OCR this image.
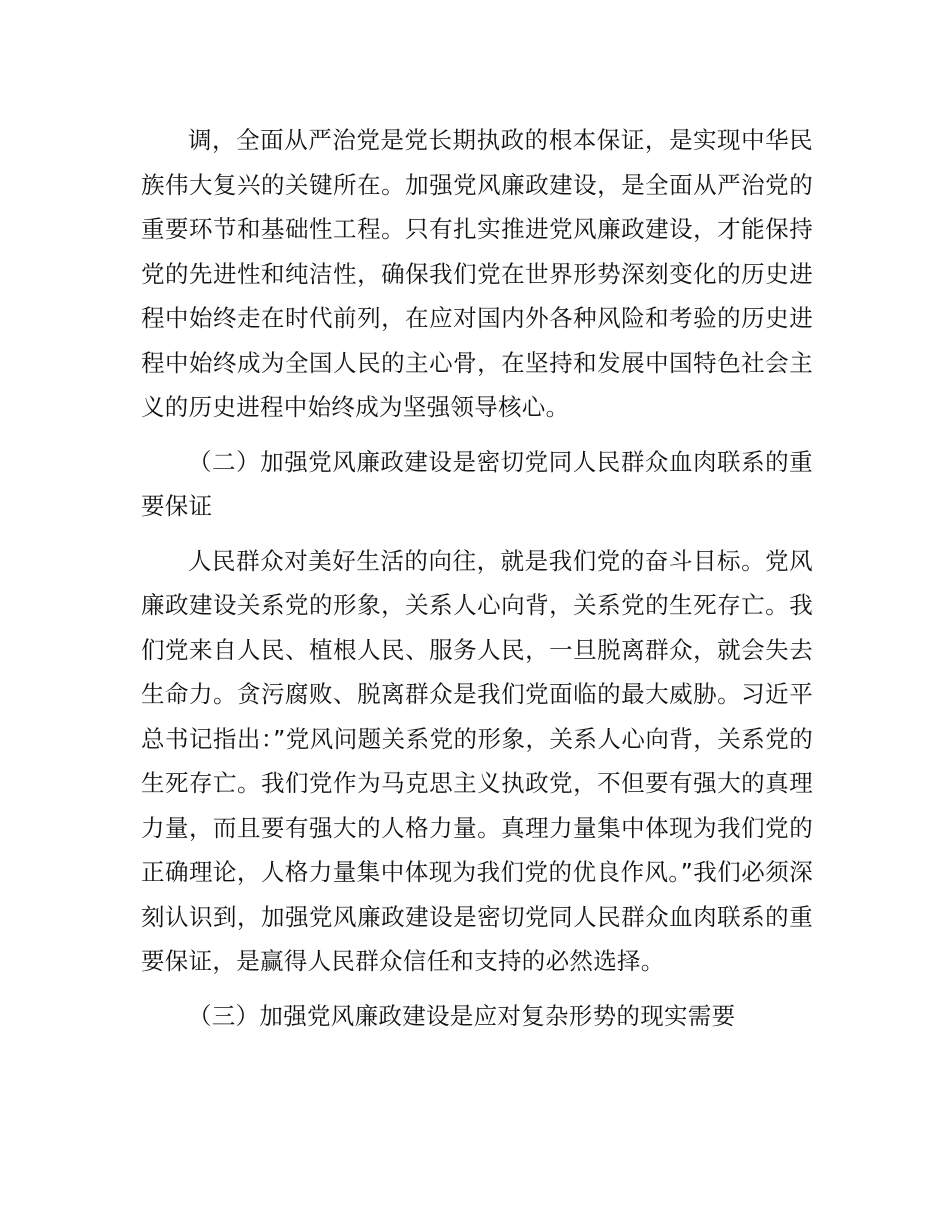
调，全面从严治党是党长期执政的根本保证，是实现中华民族伟大复兴的关键所在。加强党风廉政建设，是全面从严治党的重要环节和基础性工程。只有扎实推进党风廉政建设，才能保持党的先进性和纯洁性，确保我们党在世界形势深刻变化的历史进程中始终走在时代前列，在应对国内外各种风险和考验的历史进程中始终成为全国人民的主心骨，在坚持和发展中国特色社会主义的历史进程中始终成为坚强领导核心。

（二）加强党风廉政建设是密切党同人民群众血肉联系的重要保证

人民群众对美好生活的向往，就是我们党的奋斗目标。党风廉政建设关系党的形象，关系人心向背，关系党的生死存亡。我们党来自人民、植根人民、服务人民，一旦脱离群众，就会失去生命力。贪污腐败、脱离群众是我们党面临的最大威胁。习近平总书记指出：”党风问题关系党的形象，关系人心向背，关系党的生死存亡。我们党作为马克思主义执政党，不但要有强大的真理力量，而且要有强大的人格力量。真理力量集中体现为我们党的正确理论，人格力量集中体现为我们党的优良作风。”我们必须深刻认识到，加强党风廉政建设是密切党同人民群众血肉联系的重要保证，是赢得人民群众信任和支持的必然选择。

（三）加强党风廉政建设是应对复杂形势的现实需要
